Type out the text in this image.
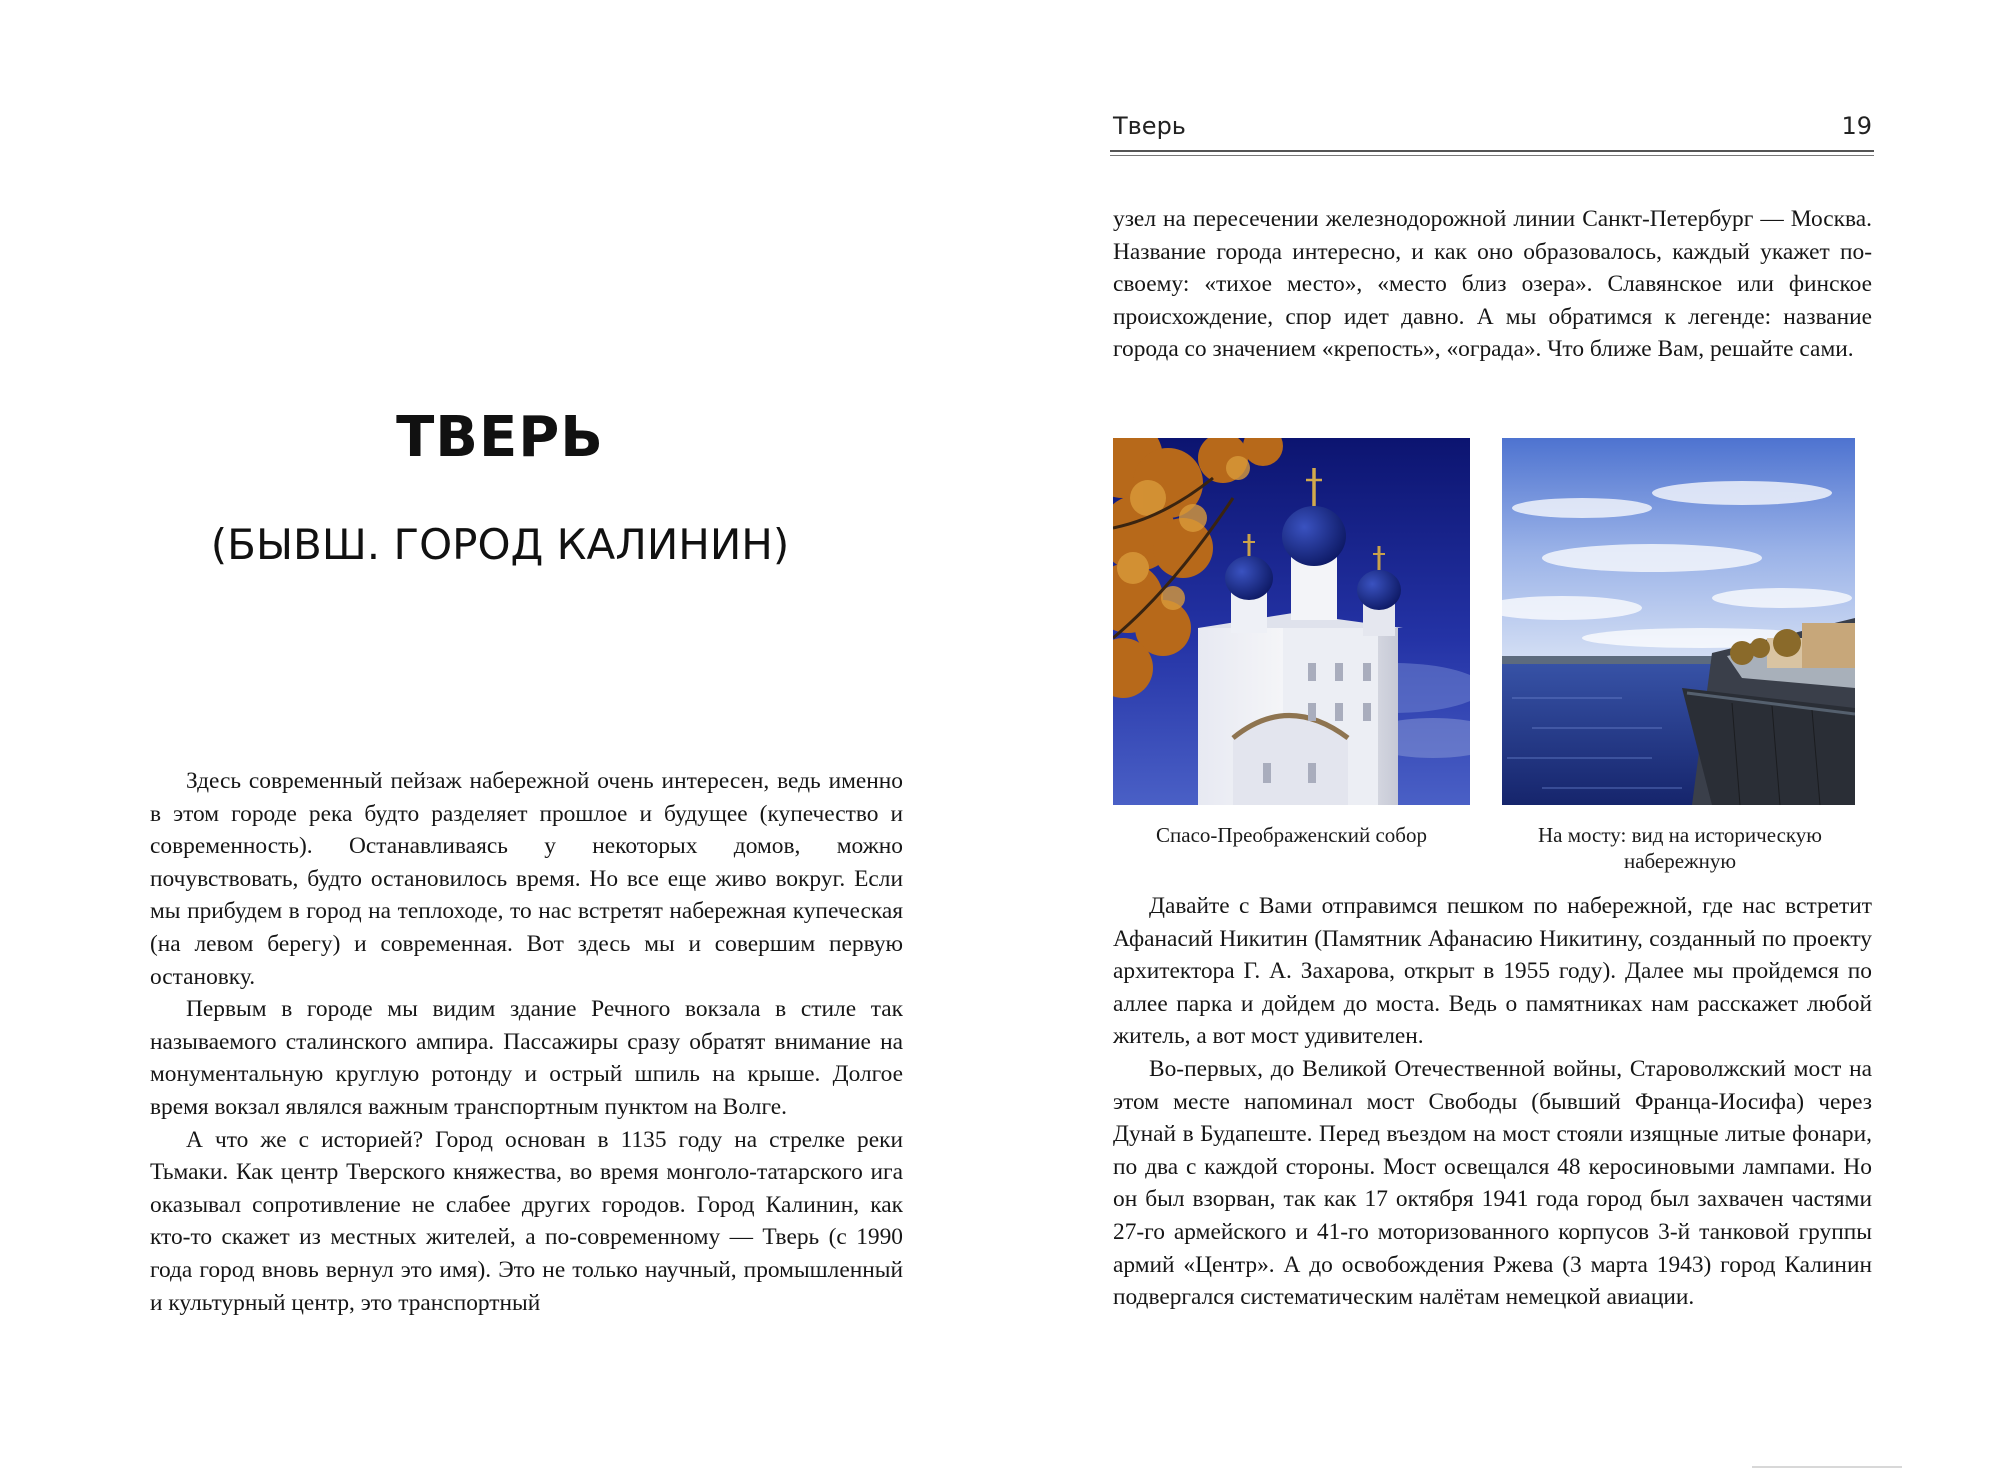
ТВЕРЬ
(БЫВШ. ГОРОД КАЛИНИН)

Здесь современный пейзаж набережной очень интересен, ведь именно в этом городе река будто разделяет прошлое и будущее (купечество и современность). Останавливаясь у некоторых домов, можно почувствовать, будто остановилось время. Но все еще живо вокруг. Если мы прибудем в город на теплоходе, то нас встретят набережная купеческая (на левом берегу) и современная. Вот здесь мы и совершим первую остановку.

Первым в городе мы видим здание Речного вокзала в стиле так называемого сталинского ампира. Пассажиры сразу обратят внимание на монументальную круглую ротонду и острый шпиль на крыше. Долгое время вокзал являлся важным транспортным пунктом на Волге.

А что же с историей? Город основан в 1135 году на стрелке реки Тьмаки. Как центр Тверского княжества, во время монголо-татарского ига оказывал сопротивление не слабее других городов. Город Калинин, как кто-то скажет из местных жителей, а по-современному — Тверь (с 1990 года город вновь вернул это имя). Это не только научный, промышленный и культурный центр, это транспортный

Тверь	19

узел на пересечении железнодорожной линии Санкт-Петербург — Москва. Название города интересно, и как оно образовалось, каждый укажет по-своему: «тихое место», «место близ озера». Славянское или финское происхождение, спор идет давно. А мы обратимся к легенде: название города со значением «крепость», «ограда». Что ближе Вам, решайте сами.

Спасо-Преображенский собор	На мосту: вид на историческую набережную

Давайте с Вами отправимся пешком по набережной, где нас встретит Афанасий Никитин (Памятник Афанасию Никитину, созданный по проекту архитектора Г. А. Захарова, открыт в 1955 году). Далее мы пройдемся по аллее парка и дойдем до моста. Ведь о памятниках нам расскажет любой житель, а вот мост удивителен.

Во-первых, до Великой Отечественной войны, Староволжский мост на этом месте напоминал мост Свободы (бывший Франца-Иосифа) через Дунай в Будапеште. Перед въездом на мост стояли изящные литые фонари, по два с каждой стороны. Мост освещался 48 керосиновыми лампами. Но он был взорван, так как 17 октября 1941 года город был захвачен частями 27-го армейского и 41-го моторизованного корпусов 3-й танковой группы армий «Центр». А до освобождения Ржева (3 марта 1943) город Калинин подвергался систематическим налётам немецкой авиации.
